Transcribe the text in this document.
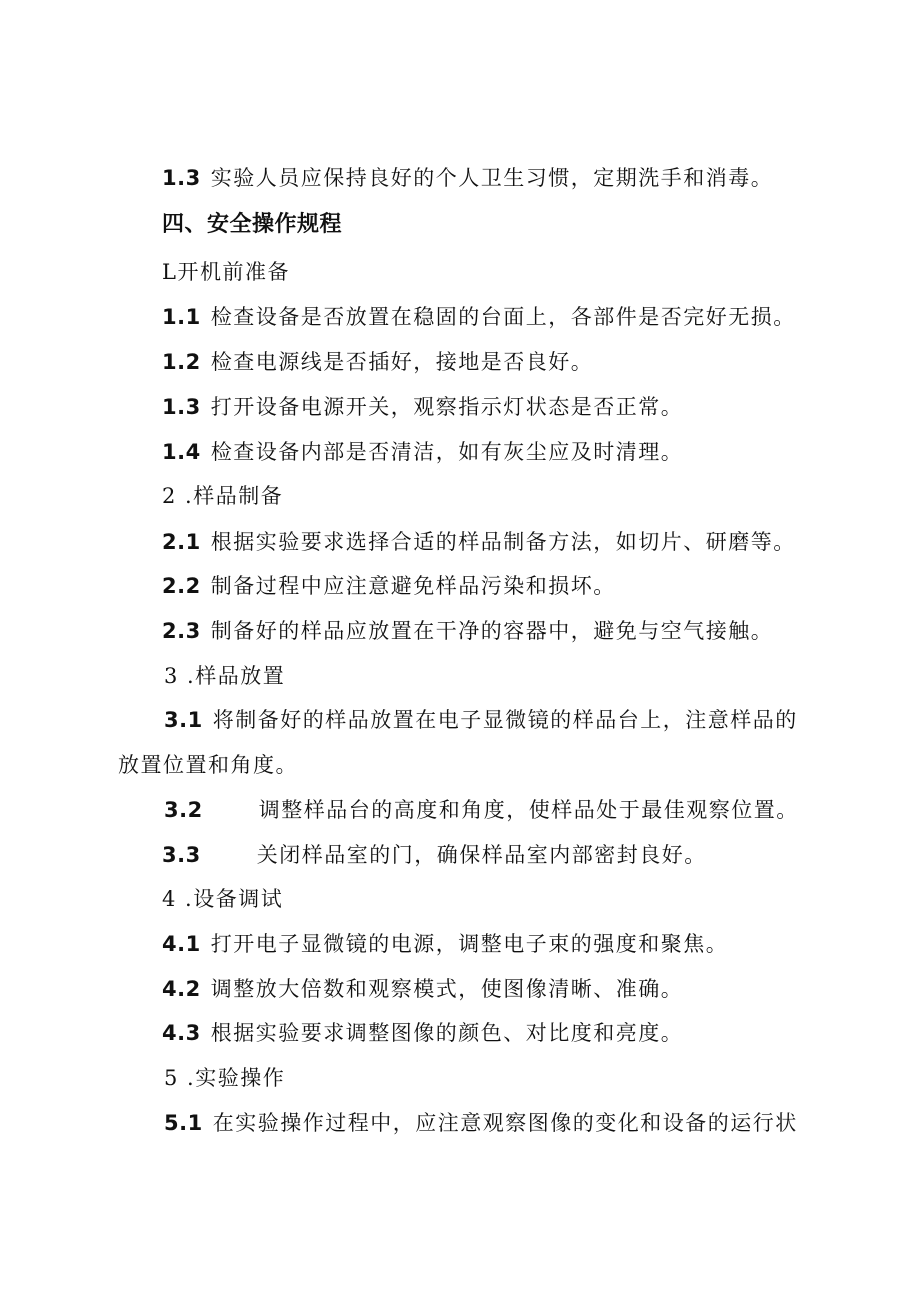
1.3 实验人员应保持良好的个人卫生习惯，定期洗手和消毒。
四、安全操作规程
L开机前准备
1.1 检查设备是否放置在稳固的台面上，各部件是否完好无损。
1.2 检查电源线是否插好，接地是否良好。
1.3 打开设备电源开关，观察指示灯状态是否正常。
1.4 检查设备内部是否清洁，如有灰尘应及时清理。
2 .样品制备
2.1 根据实验要求选择合适的样品制备方法，如切片、研磨等。
2.2 制备过程中应注意避免样品污染和损坏。
2.3 制备好的样品应放置在干净的容器中，避免与空气接触。
3 .样品放置
3.1 将制备好的样品放置在电子显微镜的样品台上，注意样品的
放置位置和角度。
3.2	调整样品台的高度和角度，使样品处于最佳观察位置。
3.3	关闭样品室的门，确保样品室内部密封良好。
4 .设备调试
4.1 打开电子显微镜的电源，调整电子束的强度和聚焦。
4.2 调整放大倍数和观察模式，使图像清晰、准确。
4.3 根据实验要求调整图像的颜色、对比度和亮度。
5 .实验操作
5.1 在实验操作过程中，应注意观察图像的变化和设备的运行状
